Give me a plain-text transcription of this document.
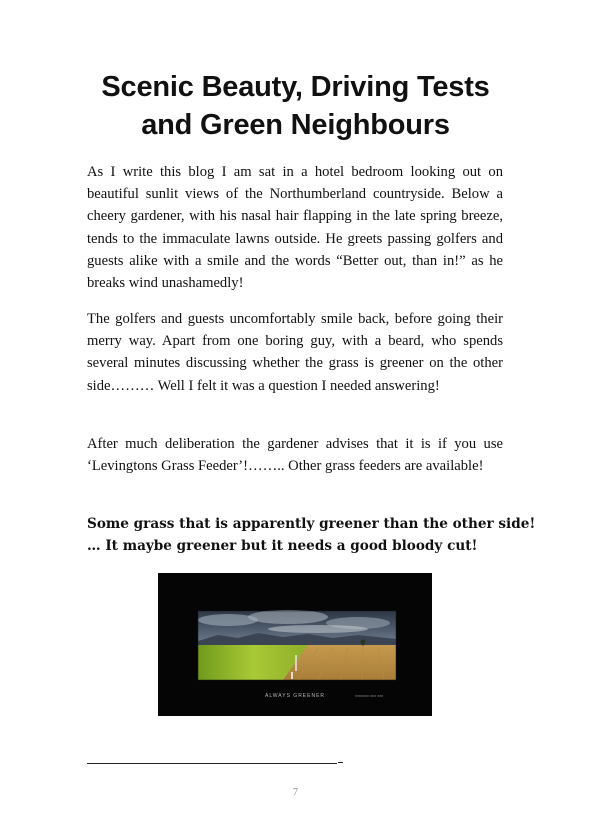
Scenic Beauty, Driving Tests
and Green Neighbours

As I write this blog I am sat in a hotel bedroom looking out on beautiful sunlit views of the Northumberland countryside. Below a cheery gardener, with his nasal hair flapping in the late spring breeze, tends to the immaculate lawns outside. He greets passing golfers and guests alike with a smile and the words “Better out, than in!” as he breaks wind unashamedly!

The golfers and guests uncomfortably smile back, before going their merry way. Apart from one boring guy, with a beard, who spends several minutes discussing whether the grass is greener on the other side……… Well I felt it was a question I needed answering!

After much deliberation the gardener advises that it is if you use ‘Levingtons Grass Feeder’!…….. Other grass feeders are available!

Some grass that is apparently greener than the other side!
… It maybe greener but it needs a good bloody cut!

ALWAYS GREENER	xxxxxxx xxx xxx
7
